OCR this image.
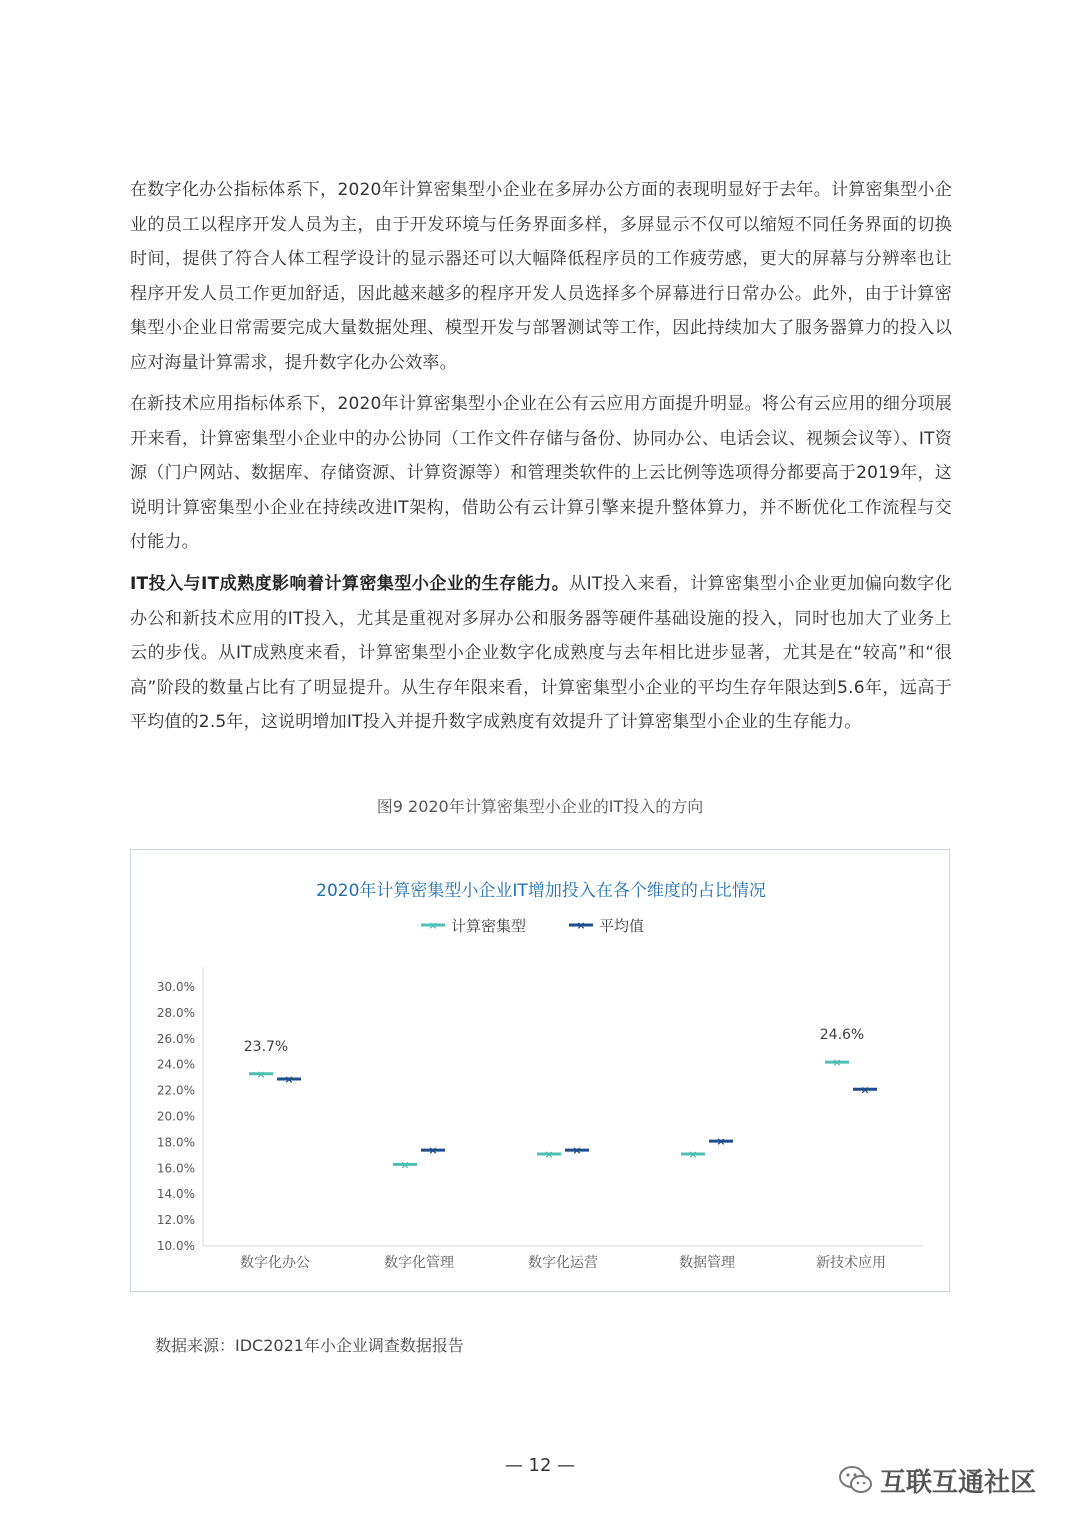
在数字化办公指标体系下，2020年计算密集型小企业在多屏办公方面的表现明显好于去年。计算密集型小企业的员工以程序开发人员为主，由于开发环境与任务界面多样，多屏显示不仅可以缩短不同任务界面的切换时间，提供了符合人体工程学设计的显示器还可以大幅降低程序员的工作疲劳感，更大的屏幕与分辨率也让程序开发人员工作更加舒适，因此越来越多的程序开发人员选择多个屏幕进行日常办公。此外，由于计算密集型小企业日常需要完成大量数据处理、模型开发与部署测试等工作，因此持续加大了服务器算力的投入以应对海量计算需求，提升数字化办公效率。

在新技术应用指标体系下，2020年计算密集型小企业在公有云应用方面提升明显。将公有云应用的细分项展开来看，计算密集型小企业中的办公协同（工作文件存储与备份、协同办公、电话会议、视频会议等）、IT资源（门户网站、数据库、存储资源、计算资源等）和管理类软件的上云比例等选项得分都要高于2019年，这说明计算密集型小企业在持续改进IT架构，借助公有云计算引擎来提升整体算力，并不断优化工作流程与交付能力。

IT投入与IT成熟度影响着计算密集型小企业的生存能力。从IT投入来看，计算密集型小企业更加偏向数字化办公和新技术应用的IT投入，尤其是重视对多屏办公和服务器等硬件基础设施的投入，同时也加大了业务上云的步伐。从IT成熟度来看，计算密集型小企业数字化成熟度与去年相比进步显著，尤其是在“较高”和“很高”阶段的数量占比有了明显提升。从生存年限来看，计算密集型小企业的平均生存年限达到5.6年，远高于平均值的2.5年，这说明增加IT投入并提升数字成熟度有效提升了计算密集型小企业的生存能力。

图9 2020年计算密集型小企业的IT投入的方向
2020年计算密集型小企业IT增加投入在各个维度的占比情况
× 计算密集型	× 平均值
10.0%
12.0%
14.0%
16.0%
18.0%
20.0%
22.0%
24.0%
26.0%
28.0%
30.0%
数字化办公	数字化管理	数字化运营	数据管理	新技术应用
×
×
×	×
×
×
×	×
×
×
23.7%
24.6%
数据来源：IDC2021年小企业调查数据报告
— 12 —
互联互通社区
